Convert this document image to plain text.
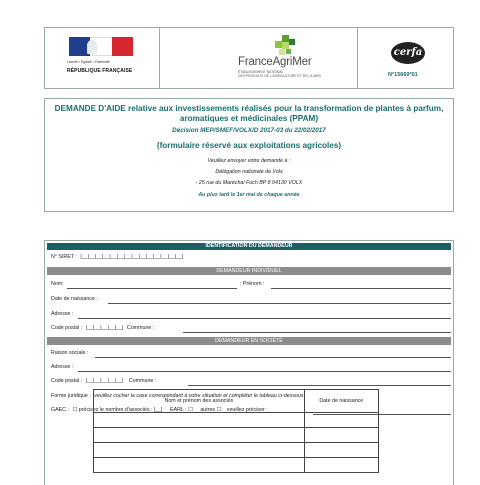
Liberté • Égalité • Fraternité
RÉPUBLIQUE FRANÇAISE
FranceAgriMer
ÉTABLISSEMENT NATIONAL
DES PRODUITS DE L'AGRICULTURE ET DE LA MER
cerfa
N°15669*01
DEMANDE D'AIDE relative aux investissements réalisés pour la transformation de plantes à parfum, aromatiques et médicinales (PPAM)
Décision MEP/SMEF/VOLX/D 2017-03 du 22/02/2017
(formulaire réservé aux exploitations agricoles)
Veuillez envoyer votre demande à :
Délégation nationale de Volx
- 25 rue du Maréchal Foch BP 8 04130 VOLX
Au plus tard le 1er mai de chaque année
IDENTIFICATION DU DEMANDEUR
N° SIRET : |__|__|__|__|__|__|__|__|__|__|__|__|__|__|
DEMANDEUR INDIVIDUEL
Nom:	; Prénom :
Date de naissance :
Adresse :
Code postal : |__|__|__|__|__| Commune :
DEMANDEUR EN SOCIÉTÉ
Raison sociale :
Adresse :
Code postal : |__|__|__|__|__| Commune :
Forme juridique : veuillez cocher la case correspondant à votre situation et compléter le tableau ci-dessous
GAEC : ☐ précisez le nombre d'associés : |__| EARL : ☐ autres ☐ veuillez préciser :
Nom et prénom des associés	Date de naissance
